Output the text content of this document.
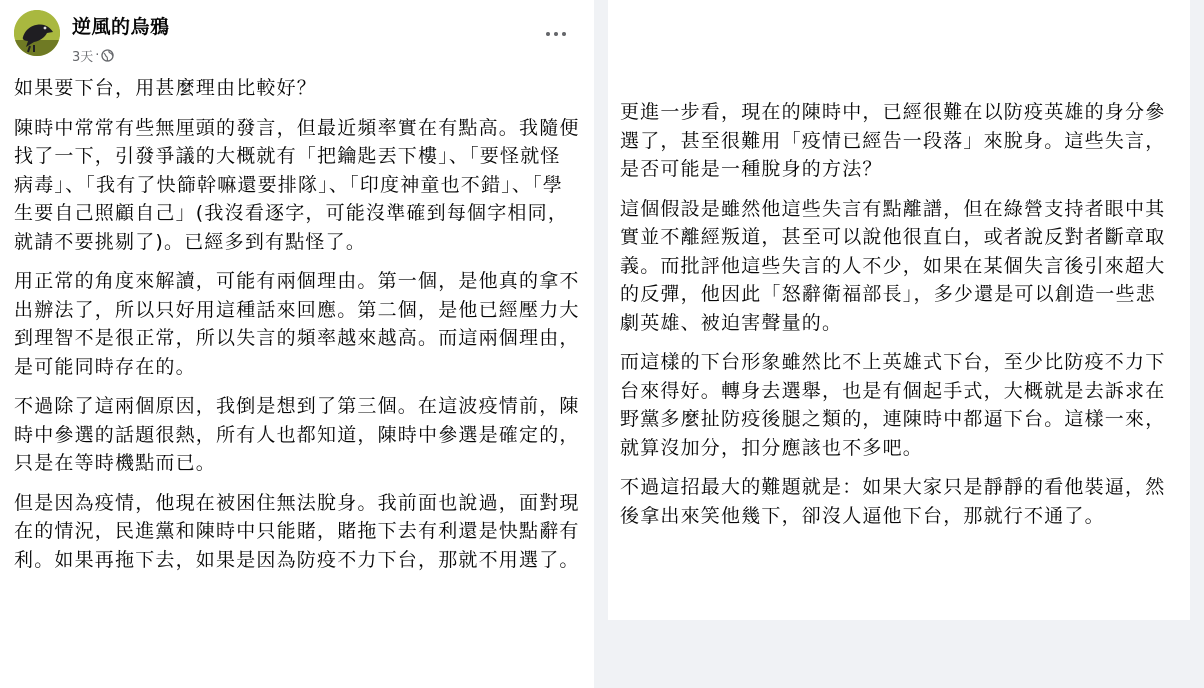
逆風的烏鴉
3天 ·

如果要下台，用甚麼理由比較好？

陳時中常常有些無厘頭的發言，但最近頻率實在有點高。我隨便找了一下，引發爭議的大概就有「把鑰匙丟下樓」、「要怪就怪病毒」、「我有了快篩幹嘛還要排隊」、「印度神童也不錯」、「學生要自己照顧自己」(我沒看逐字，可能沒準確到每個字相同，就請不要挑剔了)。已經多到有點怪了。

用正常的角度來解讀，可能有兩個理由。第一個，是他真的拿不出辦法了，所以只好用這種話來回應。第二個，是他已經壓力大到理智不是很正常，所以失言的頻率越來越高。而這兩個理由，是可能同時存在的。

不過除了這兩個原因，我倒是想到了第三個。在這波疫情前，陳時中參選的話題很熱，所有人也都知道，陳時中參選是確定的，只是在等時機點而已。

但是因為疫情，他現在被困住無法脫身。我前面也說過，面對現在的情況，民進黨和陳時中只能賭，賭拖下去有利還是快點辭有利。如果再拖下去，如果是因為防疫不力下台，那就不用選了。

更進一步看，現在的陳時中，已經很難在以防疫英雄的身分參選了，甚至很難用「疫情已經告一段落」來脫身。這些失言，是否可能是一種脫身的方法？

這個假設是雖然他這些失言有點離譜，但在綠營支持者眼中其實並不離經叛道，甚至可以說他很直白，或者說反對者斷章取義。而批評他這些失言的人不少，如果在某個失言後引來超大的反彈，他因此「怒辭衛福部長」，多少還是可以創造一些悲劇英雄、被迫害聲量的。

而這樣的下台形象雖然比不上英雄式下台，至少比防疫不力下台來得好。轉身去選舉，也是有個起手式，大概就是去訴求在野黨多麼扯防疫後腿之類的，連陳時中都逼下台。這樣一來，就算沒加分，扣分應該也不多吧。

不過這招最大的難題就是：如果大家只是靜靜的看他裝逼，然後拿出來笑他幾下，卻沒人逼他下台，那就行不通了。
